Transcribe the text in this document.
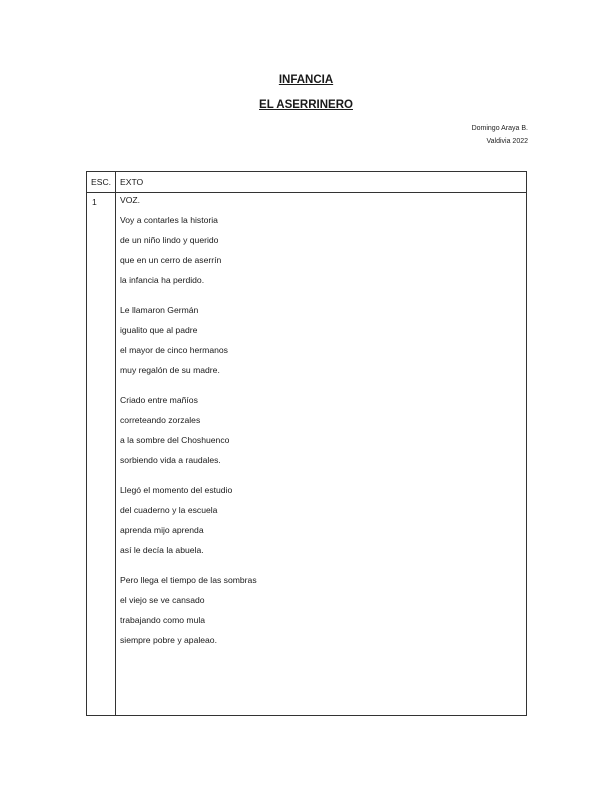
INFANCIA
EL ASERRINERO
Domingo Araya B.
Valdivia 2022
ESC. EXTO
1	VOZ.
Voy a contarles la historia
de un niño lindo y querido
que en un cerro de aserrín
la infancia ha perdido.
Le llamaron Germán
igualito que al padre
el mayor de cinco hermanos
muy regalón de su madre.
Criado entre mañíos
correteando zorzales
a la sombre del Choshuenco
sorbiendo vida a raudales.
Llegó el momento del estudio
del cuaderno y la escuela
aprenda mijo aprenda
así le decía la abuela.
Pero llega el tiempo de las sombras
el viejo se ve cansado
trabajando como mula
siempre pobre y apaleao.
